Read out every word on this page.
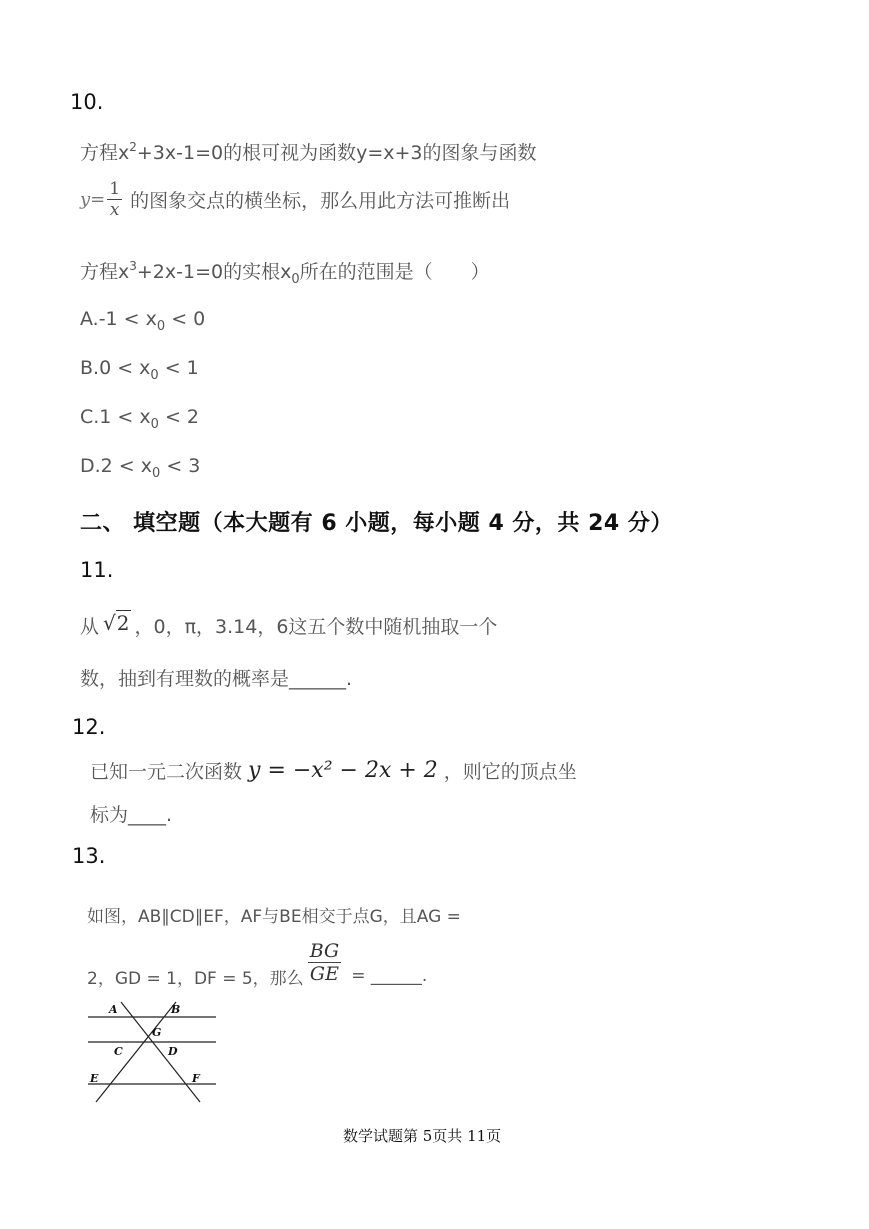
10.
方程$x^2+3x-1=0$的根可视为函数y=x+3的图象与函数
$y= \frac{1}{x}$ 的图象交点的横坐标，那么用此方法可推断出
方程$x^3+2x-1=0$的实根$x_0$所在的范围是（　　）
$A.-1 < x_0 < 0$
$B.0 < x_0 < 1$
$C.1 < x_0 < 2$
$D.2 < x_0 < 3$
二、 填空题（本大题有 6 小题，每小题 4 分，共 24 分）
11.
从 √2 ，0，π，3.14，6这五个数中随机抽取一个
数，抽到有理数的概率是______.
12.
已知一元二次函数 y = −x² − 2x + 2 ，则它的顶点坐
标为____.
13.
如图，AB∥CD∥EF，AF与BE相交于点G，且AG =
2，GD = 1，DF = 5，那么 $\frac{BG}{GE}$ = ______.
A	B
G
C	D
E	F
数学试题第 5页共 11页
